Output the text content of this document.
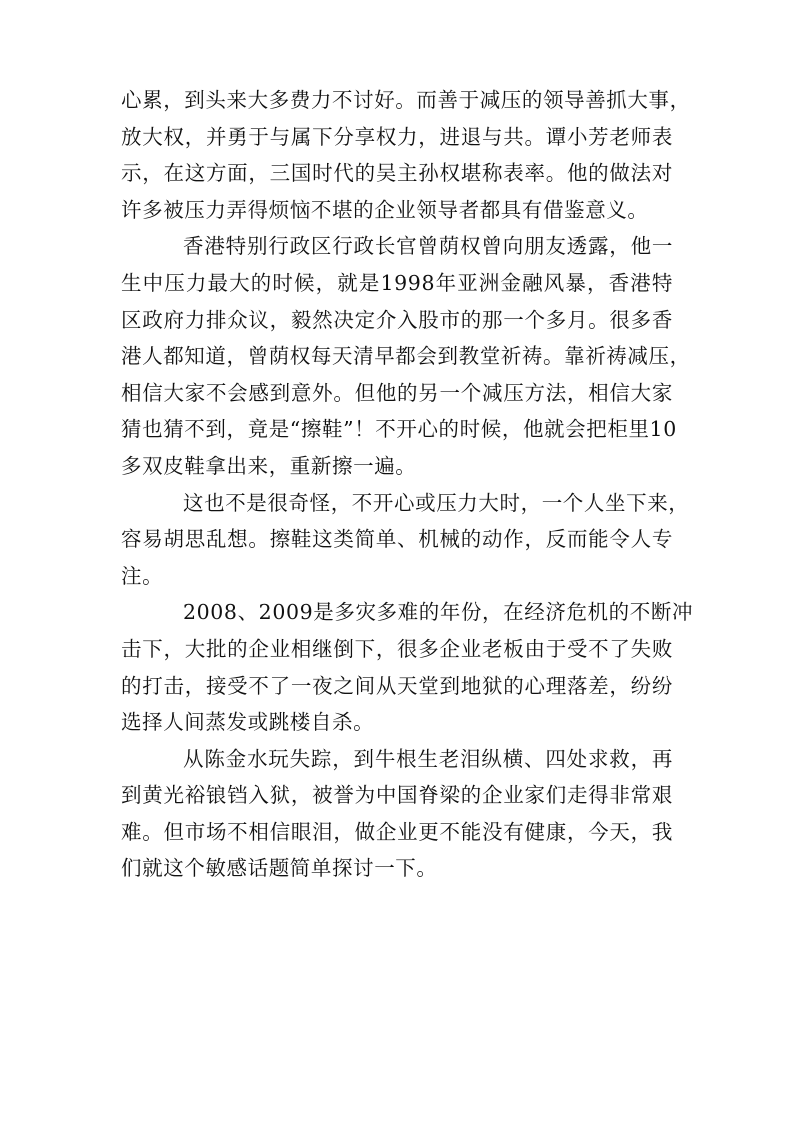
心累，到头来大多费力不讨好。而善于减压的领导善抓大事，
放大权，并勇于与属下分享权力，进退与共。谭小芳老师表
示，在这方面，三国时代的吴主孙权堪称表率。他的做法对
许多被压力弄得烦恼不堪的企业领导者都具有借鉴意义。
香港特别行政区行政长官曾荫权曾向朋友透露，他一
生中压力最大的时候，就是1998年亚洲金融风暴，香港特
区政府力排众议，毅然决定介入股市的那一个多月。很多香
港人都知道，曾荫权每天清早都会到教堂祈祷。靠祈祷减压，
相信大家不会感到意外。但他的另一个减压方法，相信大家
猜也猜不到，竟是“擦鞋”！不开心的时候，他就会把柜里10
多双皮鞋拿出来，重新擦一遍。
这也不是很奇怪，不开心或压力大时，一个人坐下来，
容易胡思乱想。擦鞋这类简单、机械的动作，反而能令人专
注。
2008、2009是多灾多难的年份，在经济危机的不断冲
击下，大批的企业相继倒下，很多企业老板由于受不了失败
的打击，接受不了一夜之间从天堂到地狱的心理落差，纷纷
选择人间蒸发或跳楼自杀。
从陈金水玩失踪，到牛根生老泪纵横、四处求救，再
到黄光裕锒铛入狱，被誉为中国脊梁的企业家们走得非常艰
难。但市场不相信眼泪，做企业更不能没有健康，今天，我
们就这个敏感话题简单探讨一下。
